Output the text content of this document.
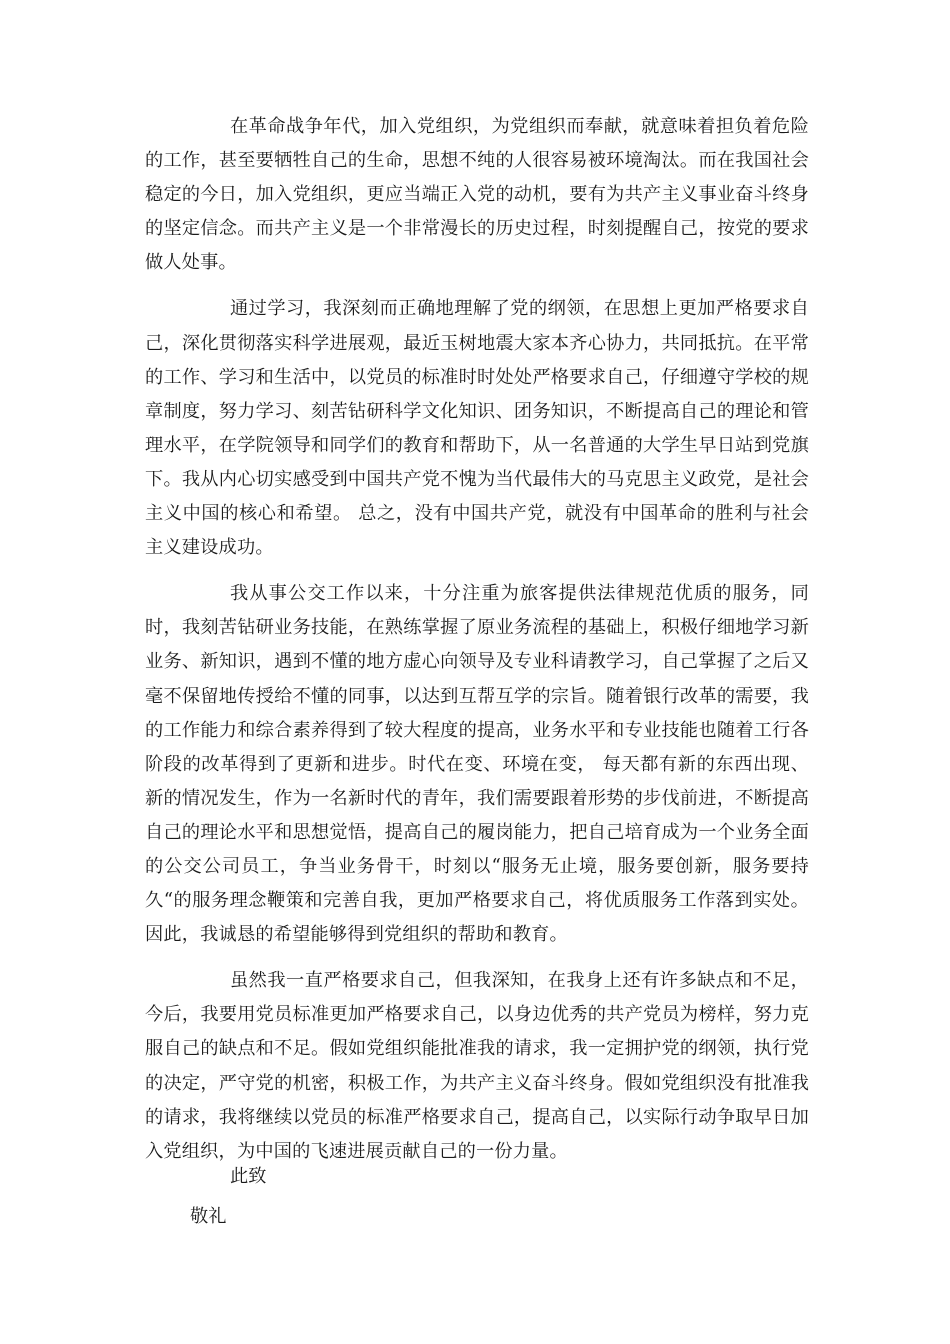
在革命战争年代，加入党组织，为党组织而奉献，就意味着担负着危险的工作，甚至要牺牲自己的生命，思想不纯的人很容易被环境淘汰。而在我国社会稳定的今日，加入党组织，更应当端正入党的动机，要有为共产主义事业奋斗终身的坚定信念。而共产主义是一个非常漫长的历史过程，时刻提醒自己，按党的要求做人处事。

通过学习，我深刻而正确地理解了党的纲领，在思想上更加严格要求自己，深化贯彻落实科学进展观，最近玉树地震大家本齐心协力，共同抵抗。在平常的工作、学习和生活中，以党员的标准时时处处严格要求自己，仔细遵守学校的规章制度，努力学习、刻苦钻研科学文化知识、团务知识，不断提高自己的理论和管理水平，在学院领导和同学们的教育和帮助下，从一名普通的大学生早日站到党旗下。我从内心切实感受到中国共产党不愧为当代最伟大的马克思主义政党，是社会主义中国的核心和希望。 总之，没有中国共产党，就没有中国革命的胜利与社会主义建设成功。

我从事公交工作以来，十分注重为旅客提供法律规范优质的服务，同时，我刻苦钻研业务技能，在熟练掌握了原业务流程的基础上，积极仔细地学习新业务、新知识，遇到不懂的地方虚心向领导及专业科请教学习，自己掌握了之后又毫不保留地传授给不懂的同事，以达到互帮互学的宗旨。随着银行改革的需要，我的工作能力和综合素养得到了较大程度的提高，业务水平和专业技能也随着工行各阶段的改革得到了更新和进步。时代在变、环境在变， 每天都有新的东西出现、新的情况发生，作为一名新时代的青年，我们需要跟着形势的步伐前进，不断提高自己的理论水平和思想觉悟，提高自己的履岗能力，把自己培育成为一个业务全面的公交公司员工，争当业务骨干，时刻以“服务无止境，服务要创新，服务要持久“的服务理念鞭策和完善自我，更加严格要求自己，将优质服务工作落到实处。因此，我诚恳的希望能够得到党组织的帮助和教育。

虽然我一直严格要求自己，但我深知，在我身上还有许多缺点和不足，今后，我要用党员标准更加严格要求自己，以身边优秀的共产党员为榜样，努力克服自己的缺点和不足。假如党组织能批准我的请求，我一定拥护党的纲领，执行党的决定，严守党的机密，积极工作，为共产主义奋斗终身。假如党组织没有批准我的请求，我将继续以党员的标准严格要求自己，提高自己，以实际行动争取早日加入党组织，为中国的飞速进展贡献自己的一份力量。

此致

敬礼
